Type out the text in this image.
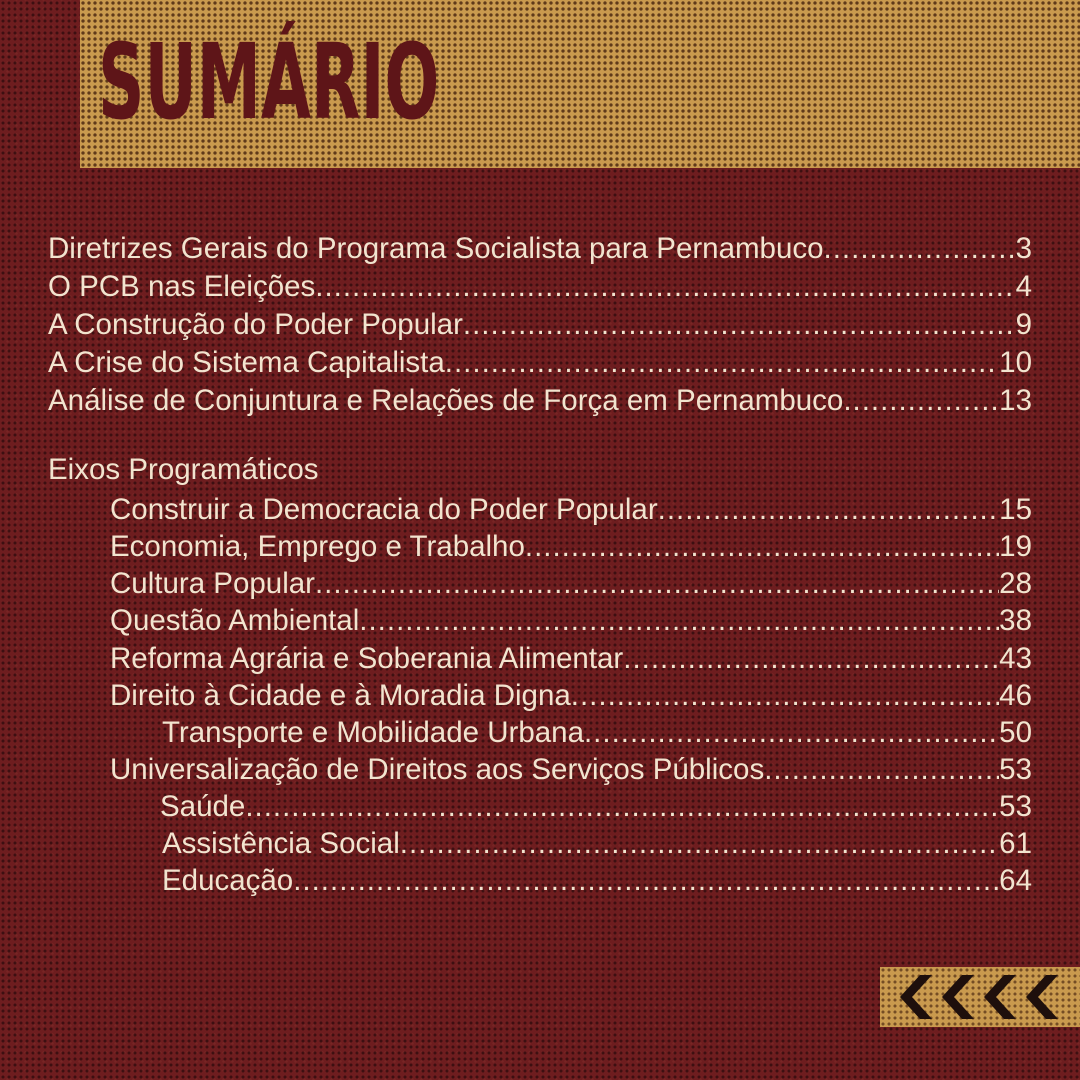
SUMÁRIO
Diretrizes Gerais do Programa Socialista para Pernambuco .....	3
O PCB nas Eleições .....	4
A Construção do Poder Popular .....	9
A Crise do Sistema Capitalista .....	10
Análise de Conjuntura e Relações de Força em Pernambuco .....	13
Eixos Programáticos
Construir a Democracia do Poder Popular .....	15
Economia, Emprego e Trabalho .....	19
Cultura Popular .....	28
Questão Ambiental .....	38
Reforma Agrária e Soberania Alimentar .....	43
Direito à Cidade e à Moradia Digna .....	46
Transporte e Mobilidade Urbana .....	50
Universalização de Direitos aos Serviços Públicos .....	53
Saúde .....	53
Assistência Social .....	61
Educação .....	64
